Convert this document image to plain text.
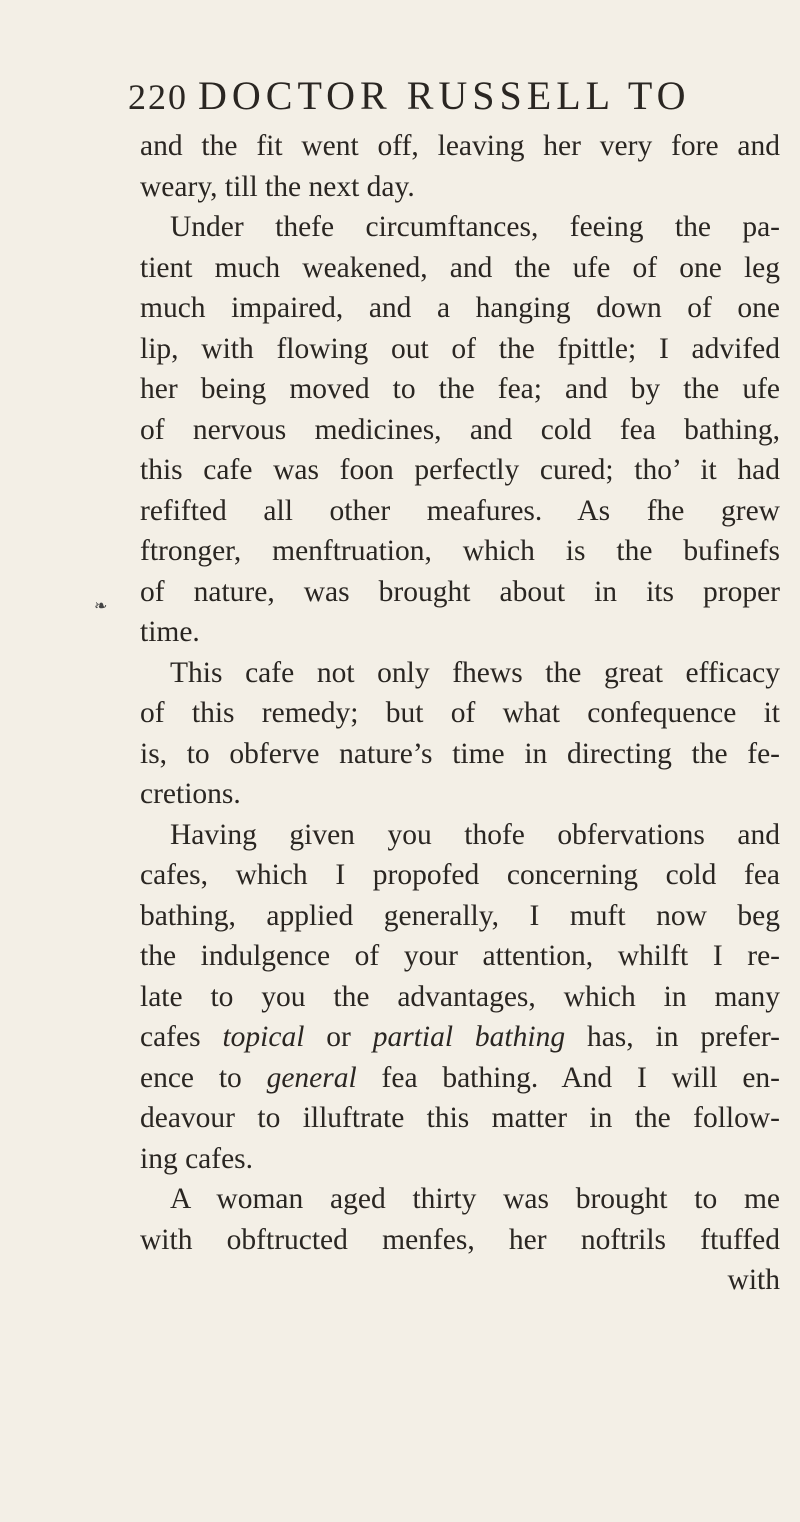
220 DOCTOR RUSSELL TO
❧
and the fit went off, leaving her very fore and
weary, till the next day.
Under thefe circumftances, feeing the pa-
tient much weakened, and the ufe of one leg
much impaired, and a hanging down of one
lip, with flowing out of the fpittle; I advifed
her being moved to the fea; and by the ufe
of nervous medicines, and cold fea bathing,
this cafe was foon perfectly cured; tho’ it had
refifted all other meafures. As fhe grew
ftronger, menftruation, which is the bufinefs
of nature, was brought about in its proper
time.
This cafe not only fhews the great efficacy
of this remedy; but of what confequence it
is, to obferve nature’s time in directing the fe-
cretions.
Having given you thofe obfervations and
cafes, which I propofed concerning cold fea
bathing, applied generally, I muft now beg
the indulgence of your attention, whilft I re-
late to you the advantages, which in many
cafes topical or partial bathing has, in prefer-
ence to general fea bathing. And I will en-
deavour to illuftrate this matter in the follow-
ing cafes.
A woman aged thirty was brought to me
with obftructed menfes, her noftrils ftuffed
with
